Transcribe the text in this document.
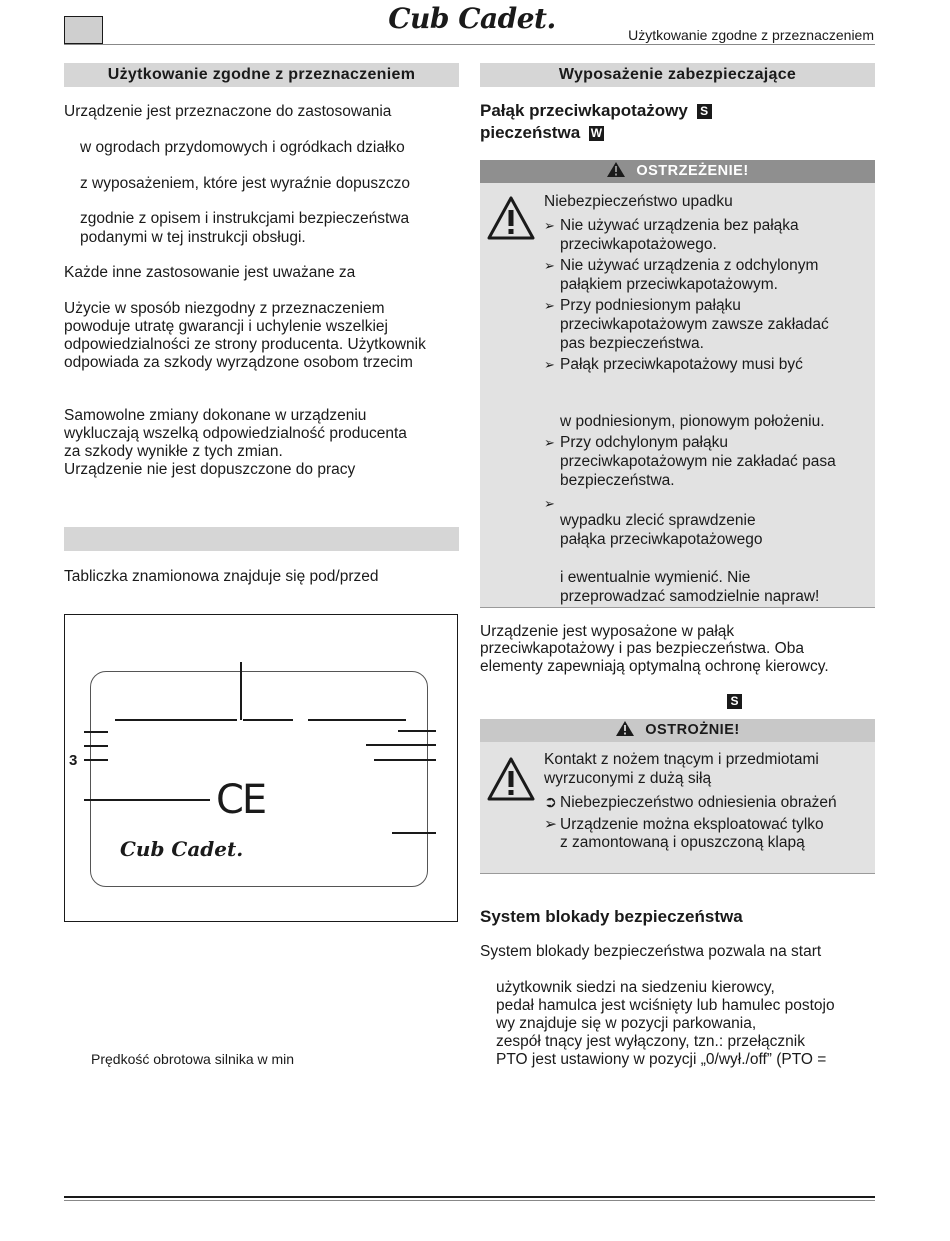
Cub Cadet.	Użytkowanie zgodne z przeznaczeniem
Użytkowanie zgodne z przeznaczeniem
Urządzenie jest przeznaczone do zastosowania
w ogrodach przydomowych i ogródkach działko
z wyposażeniem, które jest wyraźnie dopuszczo
zgodnie z opisem i instrukcjami bezpieczeństwa
podanymi w tej instrukcji obsługi.
Każde inne zastosowanie jest uważane za
Użycie w sposób niezgodny z przeznaczeniem
powoduje utratę gwarancji i uchylenie wszelkiej
odpowiedzialności ze strony producenta. Użytkownik
odpowiada za szkody wyrządzone osobom trzecim
Samowolne zmiany dokonane w urządzeniu
wykluczają wszelką odpowiedzialność producenta
za szkody wynikłe z tych zmian.
Urządzenie nie jest dopuszczone do pracy
Tabliczka znamionowa znajduje się pod/przed
3
CE
Cub Cadet.
Prędkość obrotowa silnika w min
Wyposażenie zabezpieczające
Pałąk przeciwkapotażowy S
pieczeństwa W
OSTRZEŻENIE!
Niebezpieczeństwo upadku
➢ Nie używać urządzenia bez pałąka
przeciwkapotażowego.
➢ Nie używać urządzenia z odchylonym
pałąkiem przeciwkapotażowym.
➢ Przy podniesionym pałąku
przeciwkapotażowym zawsze zakładać
pas bezpieczeństwa.
➢ Pałąk przeciwkapotażowy musi być
w podniesionym, pionowym położeniu.
➢ Przy odchylonym pałąku
przeciwkapotażowym nie zakładać pasa
bezpieczeństwa.
➢
wypadku zlecić sprawdzenie
pałąka przeciwkapotażowego
i ewentualnie wymienić. Nie
przeprowadzać samodzielnie napraw!
Urządzenie jest wyposażone w pałąk
przeciwkapotażowy i pas bezpieczeństwa. Oba
elementy zapewniają optymalną ochronę kierowcy.
S
OSTROŻNIE!
Kontakt z nożem tnącym i przedmiotami
wyrzuconymi z dużą siłą
➲ Niebezpieczeństwo odniesienia obrażeń
➢ Urządzenie można eksploatować tylko
z zamontowaną i opuszczoną klapą
System blokady bezpieczeństwa
System blokady bezpieczeństwa pozwala na start
użytkownik siedzi na siedzeniu kierowcy,
pedał hamulca jest wciśnięty lub hamulec postojo
wy znajduje się w pozycji parkowania,
zespół tnący jest wyłączony, tzn.: przełącznik
PTO jest ustawiony w pozycji „0/wył./off” (PTO =
